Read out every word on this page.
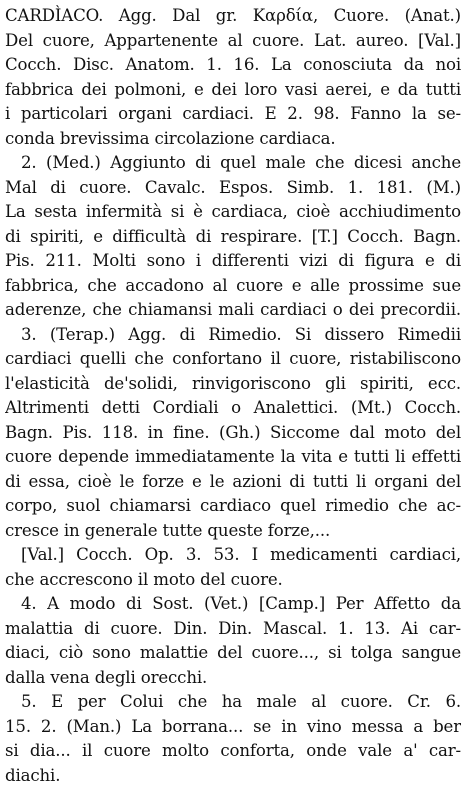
CARDÌACO. Agg. Dal gr. Καρδία, Cuore. (Anat.)
Del cuore, Appartenente al cuore. Lat. aureo. [Val.]
Cocch. Disc. Anatom. 1. 16. La conosciuta da noi
fabbrica dei polmoni, e dei loro vasi aerei, e da tutti
i particolari organi cardiaci. E 2. 98. Fanno la se-
conda brevissima circolazione cardiaca.
2. (Med.) Aggiunto di quel male che dicesi anche
Mal di cuore. Cavalc. Espos. Simb. 1. 181. (M.)
La sesta infermità si è cardiaca, cioè acchiudimento
di spiriti, e difficultà di respirare. [T.] Cocch. Bagn.
Pis. 211. Molti sono i differenti vizi di figura e di
fabbrica, che accadono al cuore e alle prossime sue
aderenze, che chiamansi mali cardiaci o dei precordii.
3. (Terap.) Agg. di Rimedio. Si dissero Rimedii
cardiaci quelli che confortano il cuore, ristabiliscono
l'elasticità de'solidi, rinvigoriscono gli spiriti, ecc.
Altrimenti detti Cordiali o Analettici. (Mt.) Cocch.
Bagn. Pis. 118. in fine. (Gh.) Siccome dal moto del
cuore depende immediatamente la vita e tutti li effetti
di essa, cioè le forze e le azioni di tutti li organi del
corpo, suol chiamarsi cardiaco quel rimedio che ac-
cresce in generale tutte queste forze,...
[Val.] Cocch. Op. 3. 53. I medicamenti cardiaci,
che accrescono il moto del cuore.
4. A modo di Sost. (Vet.) [Camp.] Per Affetto da
malattia di cuore. Din. Din. Mascal. 1. 13. Ai car-
diaci, ciò sono malattie del cuore..., si tolga sangue
dalla vena degli orecchi.
5. E per Colui che ha male al cuore. Cr. 6.
15. 2. (Man.) La borrana... se in vino messa a ber
si dia... il cuore molto conforta, onde vale a' car-
diachi.
